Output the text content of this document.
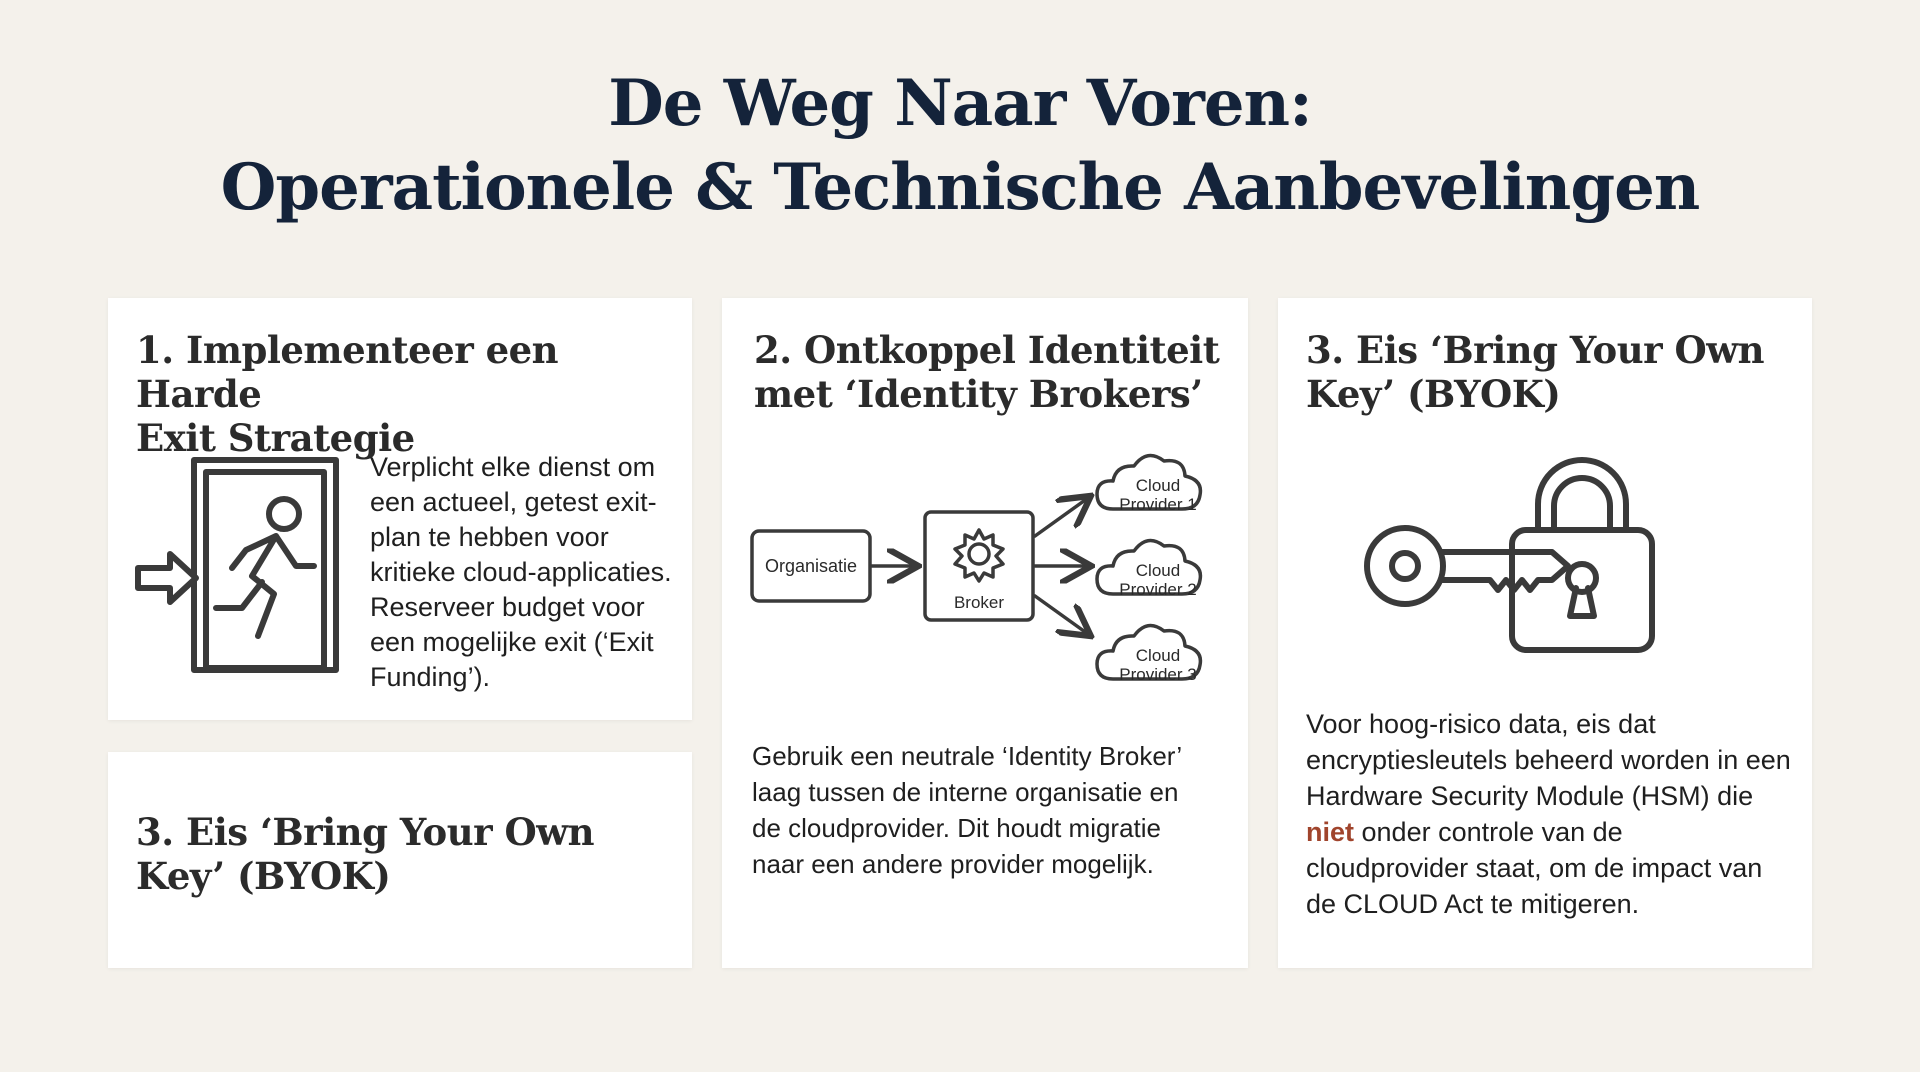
De Weg Naar Voren:
Operationele & Technische Aanbevelingen
1. Implementeer een Harde
Exit Strategie
Verplicht elke dienst om
een actueel, getest exit-
plan te hebben voor
kritieke cloud-applicaties.
Reserveer budget voor
een mogelijke exit (‘Exit
Funding’).
3. Eis ‘Bring Your Own
Key’ (BYOK)
2. Ontkoppel Identiteit
met ‘Identity Brokers’
Organisatie
Broker
Cloud
Provider 1
Cloud
Provider 2
Cloud
Provider 3
Gebruik een neutrale ‘Identity Broker’
laag tussen de interne organisatie en
de cloudprovider. Dit houdt migratie
naar een andere provider mogelijk.
3. Eis ‘Bring Your Own
Key’ (BYOK)
Voor hoog-risico data, eis dat
encryptiesleutels beheerd worden in een
Hardware Security Module (HSM) die
niet onder controle van de
cloudprovider staat, om de impact van
de CLOUD Act te mitigeren.
